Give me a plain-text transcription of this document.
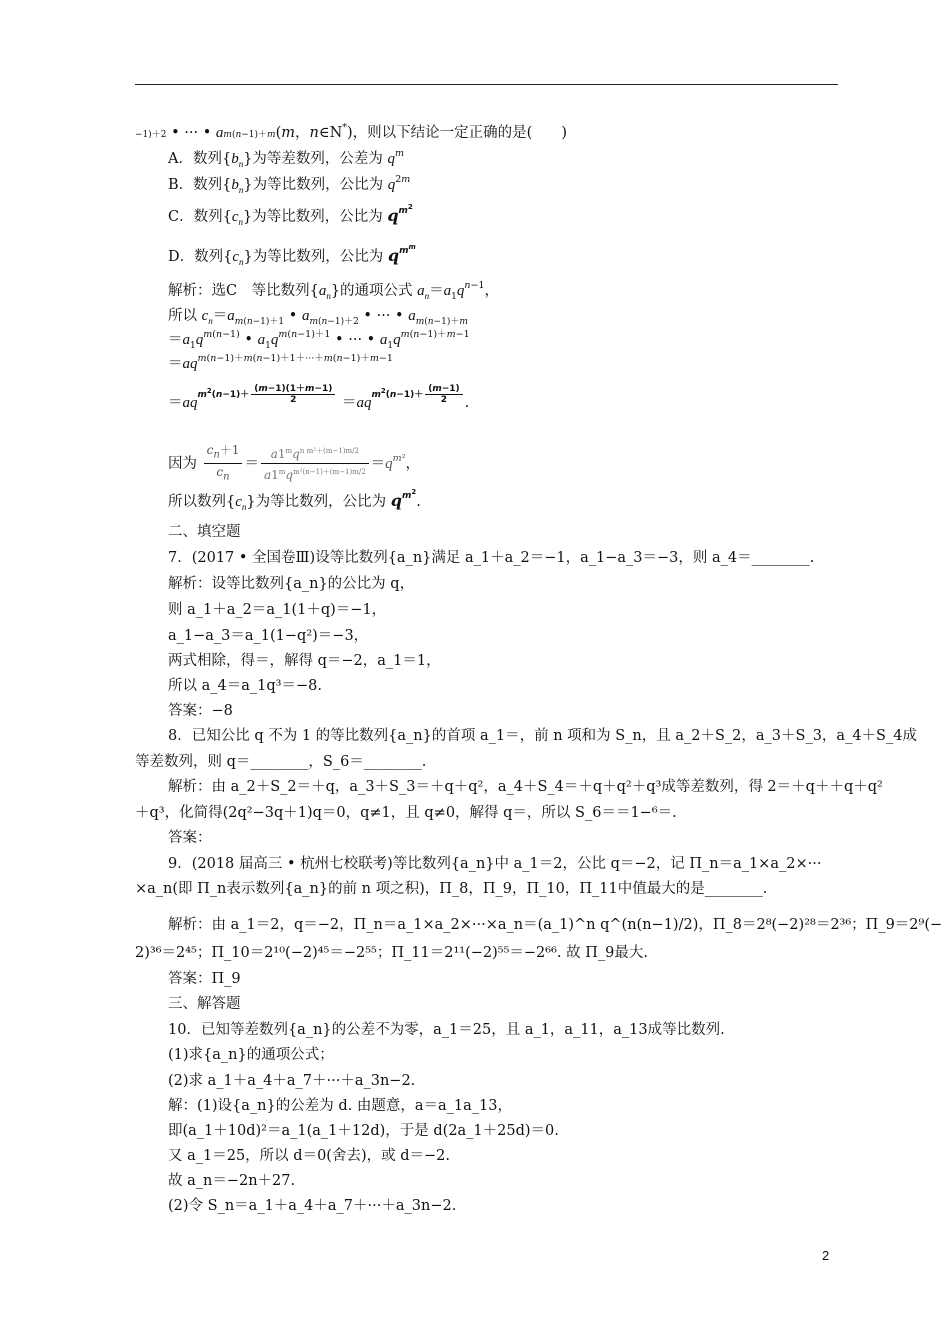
−1)＋2 • ··· • am(n−1)＋m(m，n∈N*)，则以下结论一定正确的是(　　)
A．数列$\{b_n\}$为等差数列，公差为 $q^m$
B．数列$\{b_n\}$为等比数列，公比为 $q^{2m}$
C．数列$\{c_n\}$为等比数列，公比为 $q^{m^2}$
D．数列$\{c_n\}$为等比数列，公比为 $q^{m^m}$
解析：选C　等比数列$\{a_n\}$的通项公式 $a_n=a_1q^{n-1}$，
所以 $c_n=a_{m(n-1)+1}$ • $a_{m(n-1)+2}$ • ··· • $a_{m(n-1)+m}$
$=a_1q^{m(n-1)}$ • $a_1q^{m(n-1)+1}$ • ··· • $a_1q^{m(n-1)+m-1}$
$=aq^{m(n-1)+m(n-1)+1+\cdot\cdot\cdot+m(n-1)+m-1}$
$=aq^{m^2(n-1)+ \frac{(m-1)(1+m-1)}{2}} =aq^{m^2(n-1)+ \frac{(m-1)}{2}}$ .
因为 $\frac{c_n+1}{c_n} = \frac{a1^mq^{n m^2+(m-1)m/2}}{a1^mq^{m^2(n-1)+(m-1)m/2}} =q^{m^2}$，
所以数列$\{c_n\}$为等比数列，公比为 $q^{m^2}$.
二、填空题
7．(2017 • 全国卷Ⅲ)设等比数列{a_n}满足 a_1＋a_2＝−1，a_1−a_3＝−3，则 a_4＝________.
解析：设等比数列{a_n}的公比为 q，
则 a_1＋a_2＝a_1(1＋q)＝−1，
a_1−a_3＝a_1(1−q²)＝−3，
两式相除，得＝，解得 q＝−2，a_1＝1，
所以 a_4＝a_1q³＝−8.
答案：−8
8．已知公比 q 不为 1 的等比数列{a_n}的首项 a_1＝，前 n 项和为 S_n，且 a_2＋S_2，a_3＋S_3，a_4＋S_4成
等差数列，则 q＝________，S_6＝________.
解析：由 a_2＋S_2＝＋q，a_3＋S_3＝＋q＋q²，a_4＋S_4＝＋q＋q²＋q³成等差数列，得 2＝＋q＋＋q＋q²
＋q³，化简得(2q²−3q＋1)q＝0，q≠1，且 q≠0，解得 q＝，所以 S_6＝＝1−⁶＝.
答案：
9．(2018 届高三 • 杭州七校联考)等比数列{a_n}中 a_1＝2，公比 q＝−2，记 Π_n＝a_1×a_2×···
×a_n(即 Π_n表示数列{a_n}的前 n 项之积)，Π_8，Π_9，Π_10，Π_11中值最大的是________.
解析：由 a_1＝2，q＝−2，Π_n＝a_1×a_2×···×a_n＝(a_1)^n q^(n(n−1)/2)，Π_8＝2⁸(−2)²⁸＝2³⁶；Π_9＝2⁹(−
2)³⁶＝2⁴⁵；Π_10＝2¹⁰(−2)⁴⁵＝−2⁵⁵；Π_11＝2¹¹(−2)⁵⁵＝−2⁶⁶. 故 Π_9最大.
答案：Π_9
三、解答题
10．已知等差数列{a_n}的公差不为零，a_1＝25，且 a_1，a_11，a_13成等比数列.
(1)求{a_n}的通项公式；
(2)求 a_1＋a_4＋a_7＋···＋a_3n−2.
解：(1)设{a_n}的公差为 d. 由题意，a＝a_1a_13，
即(a_1＋10d)²＝a_1(a_1＋12d)，于是 d(2a_1＋25d)＝0.
又 a_1＝25，所以 d＝0(舍去)，或 d＝−2.
故 a_n＝−2n＋27.
(2)令 S_n＝a_1＋a_4＋a_7＋···＋a_3n−2.
2
